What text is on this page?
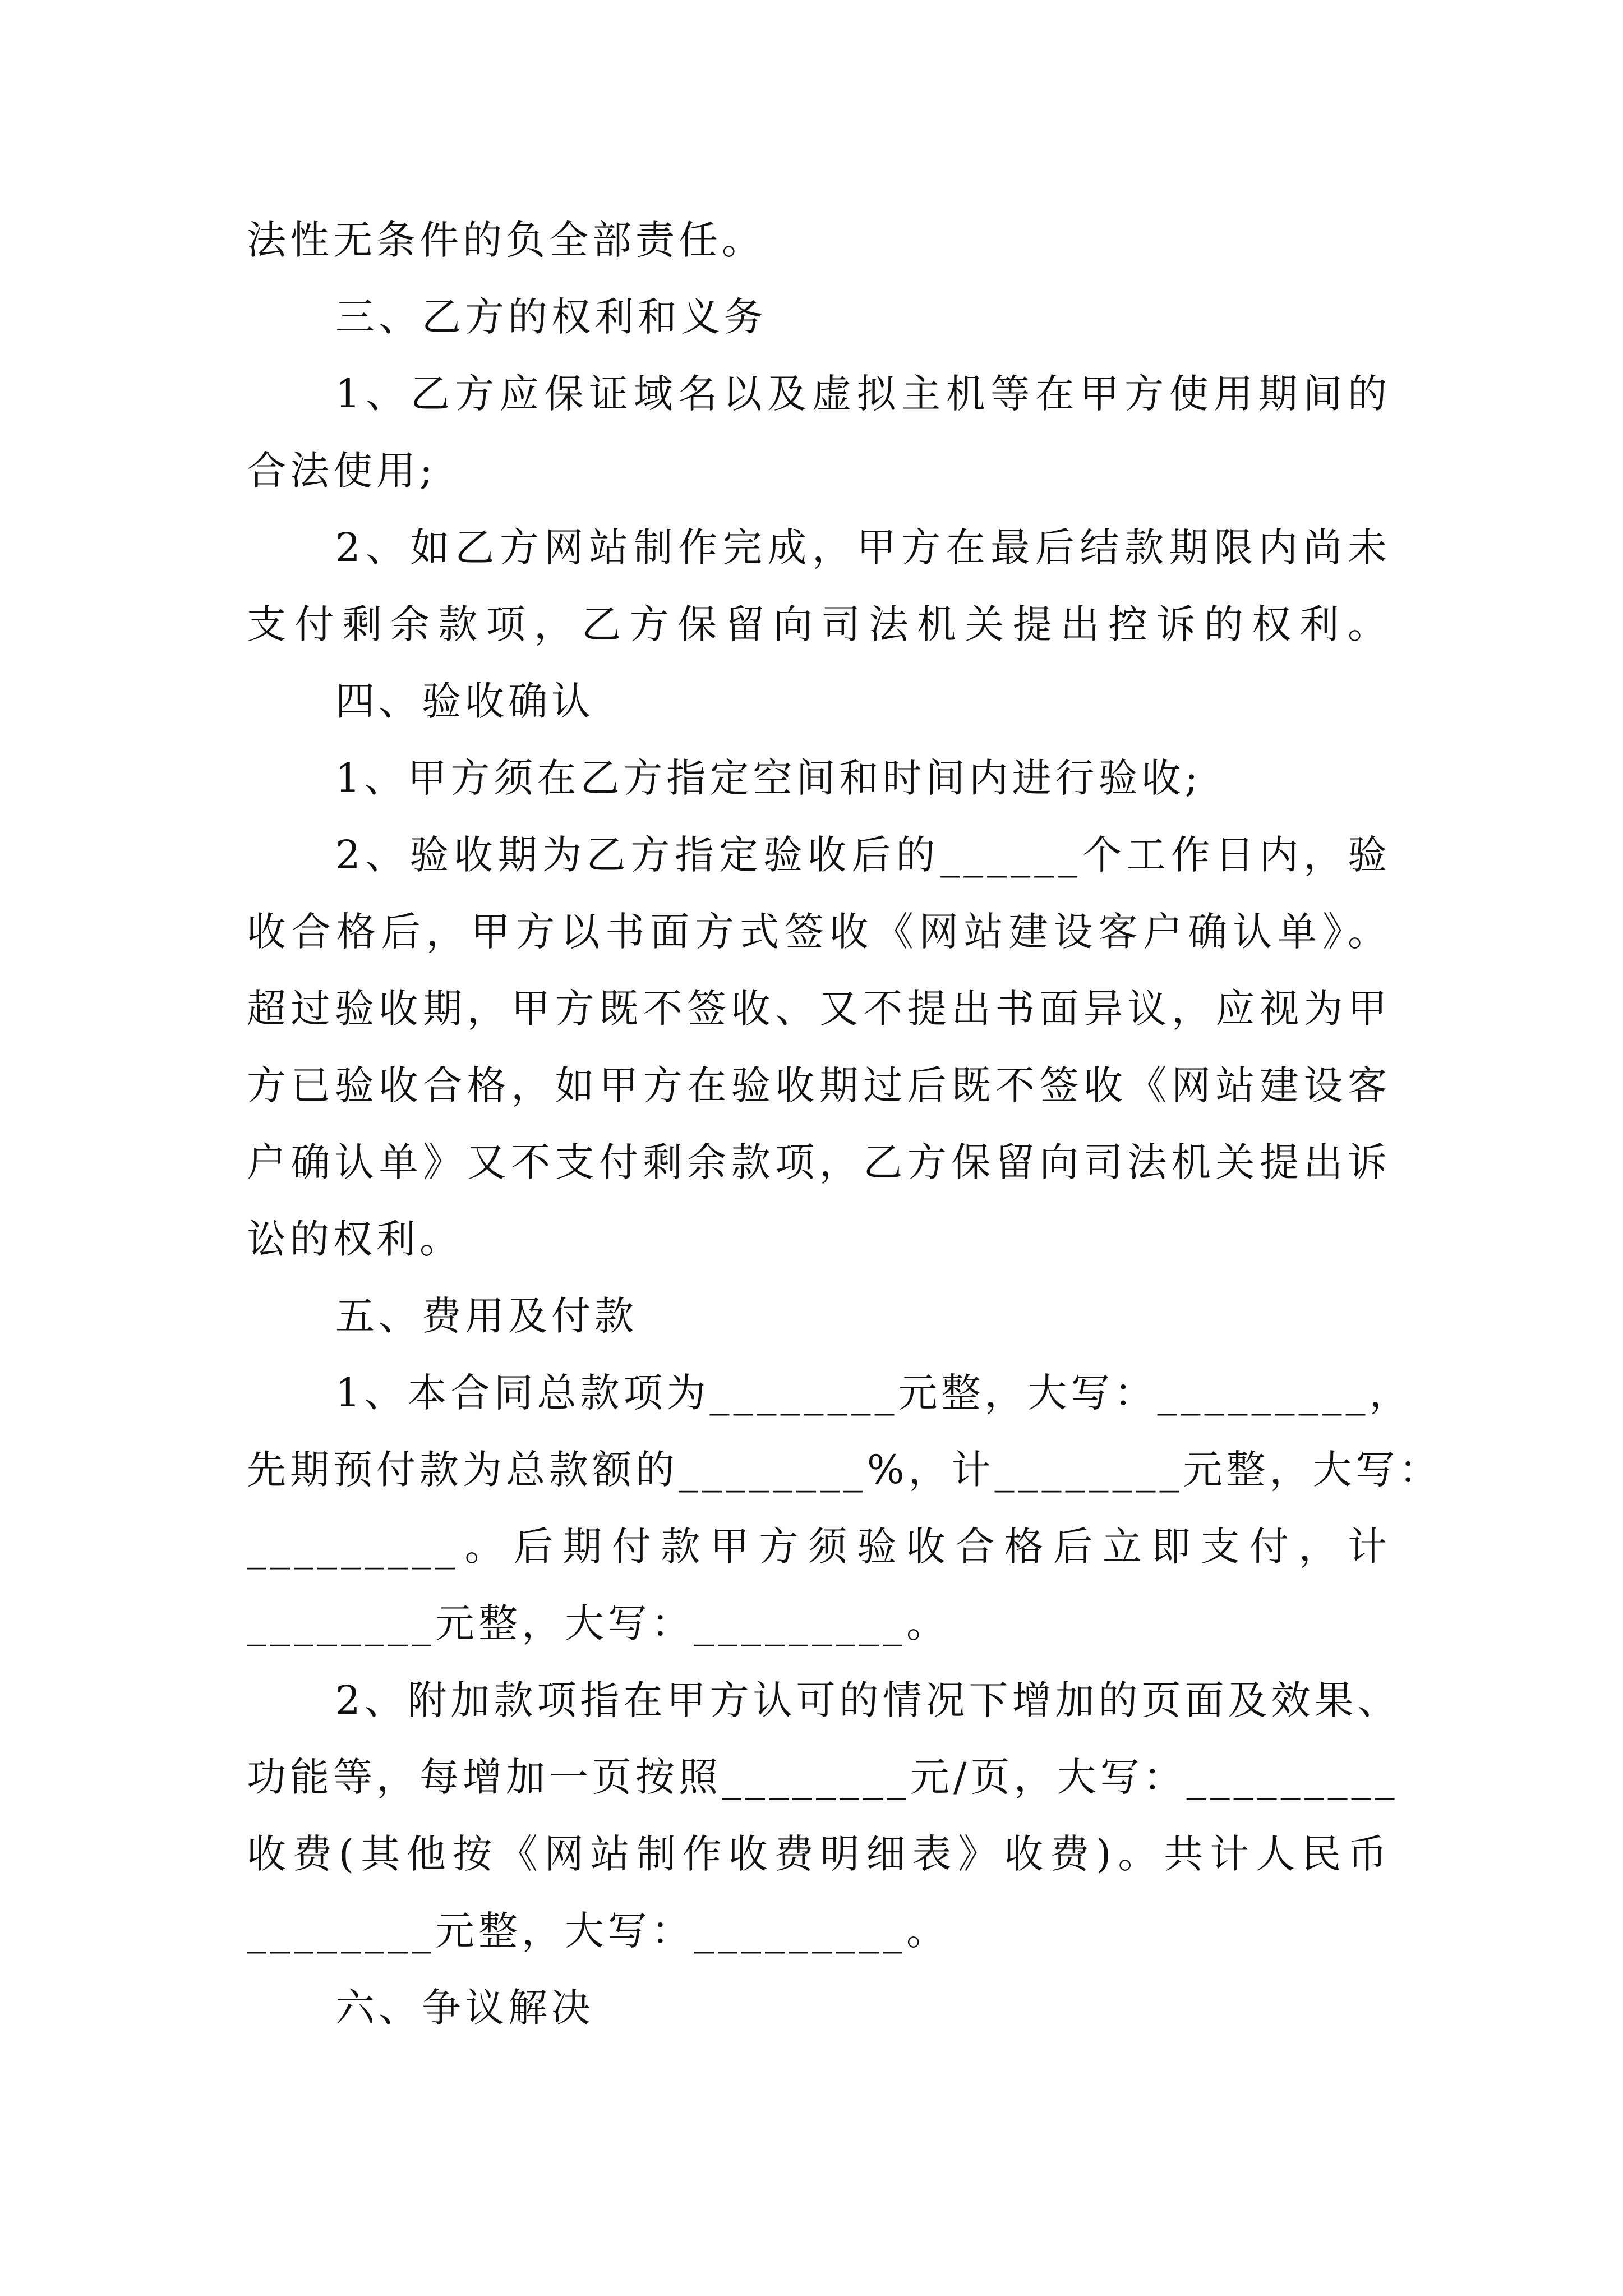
法性无条件的负全部责任。
三、乙方的权利和义务
1、乙方应保证域名以及虚拟主机等在甲方使用期间的
合法使用;
2、如乙方网站制作完成，甲方在最后结款期限内尚未
支付剩余款项，乙方保留向司法机关提出控诉的权利。
四、验收确认
1、甲方须在乙方指定空间和时间内进行验收;
2、验收期为乙方指定验收后的______个工作日内，验
收合格后，甲方以书面方式签收《网站建设客户确认单》。
超过验收期，甲方既不签收、又不提出书面异议，应视为甲
方已验收合格，如甲方在验收期过后既不签收《网站建设客
户确认单》又不支付剩余款项，乙方保留向司法机关提出诉
讼的权利。
五、费用及付款
1、本合同总款项为________元整，大写：_________，
先期预付款为总款额的________%，计________元整，大写：
_________。后期付款甲方须验收合格后立即支付，计
________元整，大写：_________。
2、附加款项指在甲方认可的情况下增加的页面及效果、
功能等，每增加一页按照________元/页，大写：_________
收费(其他按《网站制作收费明细表》收费)。共计人民币
________元整，大写：_________。
六、争议解决
